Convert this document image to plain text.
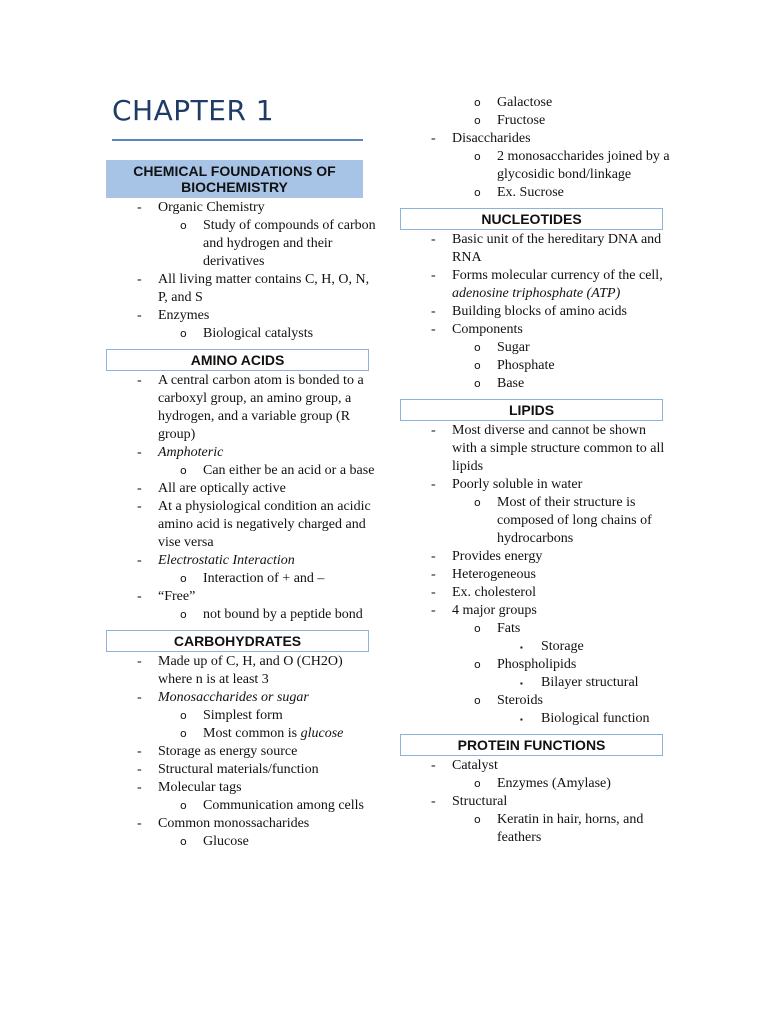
CHAPTER 1
CHEMICAL FOUNDATIONS OF BIOCHEMISTRY
- Organic Chemistry
o Study of compounds of carbon and hydrogen and their derivatives
- All living matter contains C, H, O, N, P, and S
- Enzymes
o Biological catalysts
AMINO ACIDS
- A central carbon atom is bonded to a carboxyl group, an amino group, a hydrogen, and a variable group (R group)
- Amphoteric
o Can either be an acid or a base
- All are optically active
- At a physiological condition an acidic amino acid is negatively charged and vise versa
- Electrostatic Interaction
o Interaction of + and –
- “Free”
o not bound by a peptide bond
CARBOHYDRATES
- Made up of C, H, and O (CH2O) where n is at least 3
- Monosaccharides or sugar
o Simplest form
o Most common is glucose
- Storage as energy source
- Structural materials/function
- Molecular tags
o Communication among cells
- Common monossacharides
o Glucose
o Galactose
o Fructose
- Disaccharides
o 2 monosaccharides joined by a glycosidic bond/linkage
o Ex. Sucrose
NUCLEOTIDES
- Basic unit of the hereditary DNA and RNA
- Forms molecular currency of the cell, adenosine triphosphate (ATP)
- Building blocks of amino acids
- Components
o Sugar
o Phosphate
o Base
LIPIDS
- Most diverse and cannot be shown with a simple structure common to all lipids
- Poorly soluble in water
o Most of their structure is composed of long chains of hydrocarbons
- Provides energy
- Heterogeneous
- Ex. cholesterol
- 4 major groups
o Fats
▪ Storage
o Phospholipids
▪ Bilayer structural
o Steroids
▪ Biological function
PROTEIN FUNCTIONS
- Catalyst
o Enzymes (Amylase)
- Structural
o Keratin in hair, horns, and feathers
